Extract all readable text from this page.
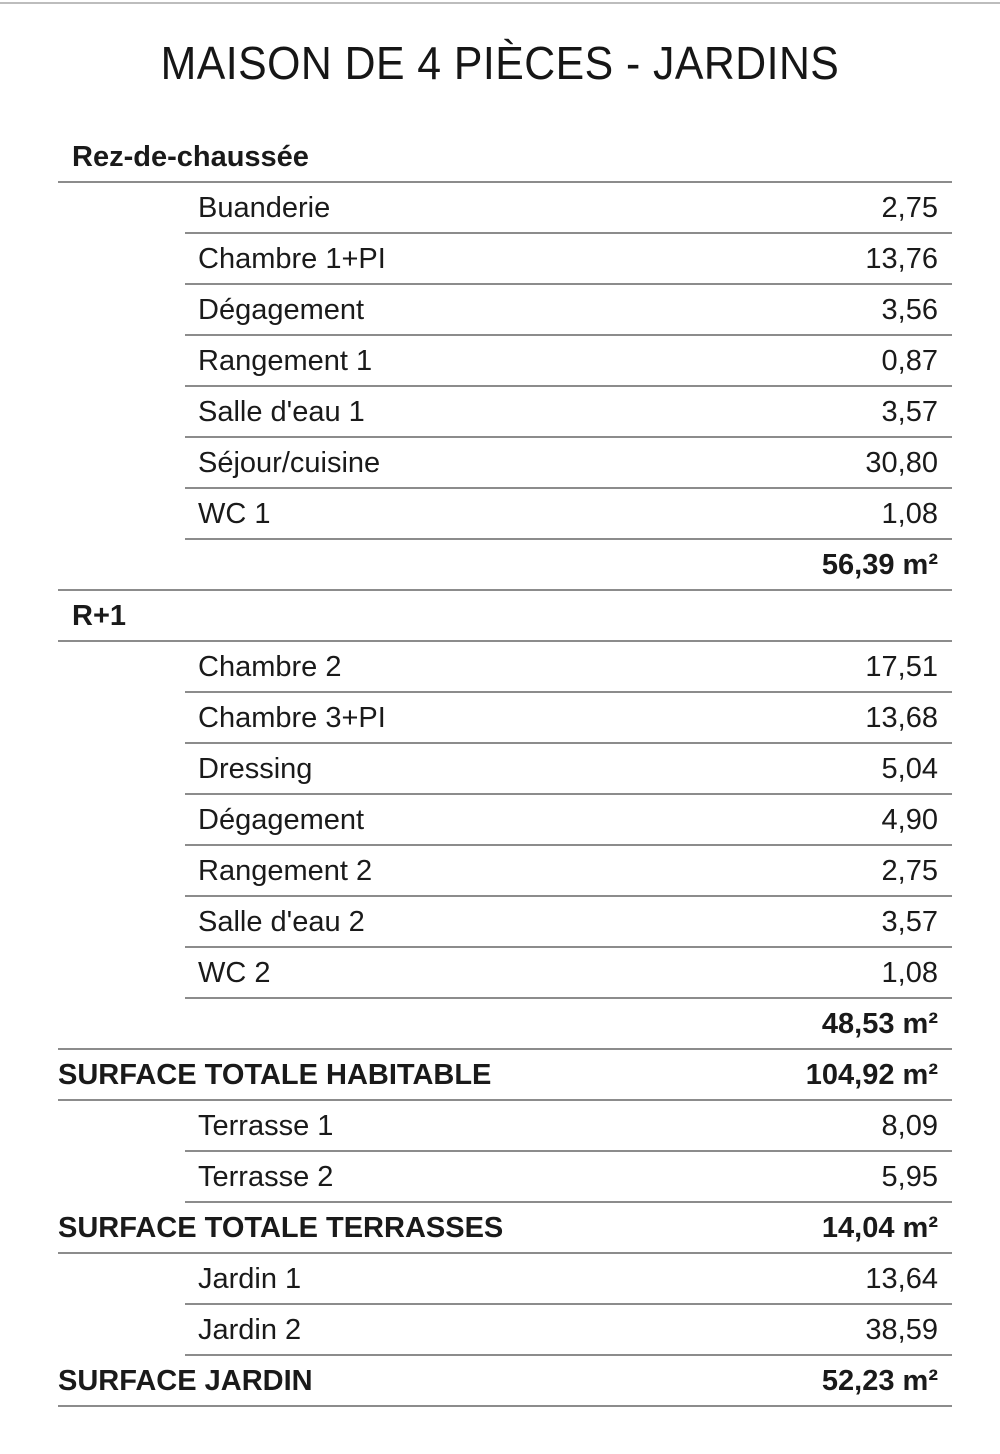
MAISON DE 4 PIÈCES - JARDINS
Rez-de-chaussée
Buanderie	2,75
Chambre 1+PI	13,76
Dégagement	3,56
Rangement 1	0,87
Salle d'eau 1	3,57
Séjour/cuisine	30,80
WC 1	1,08
56,39 m²
R+1
Chambre 2	17,51
Chambre 3+PI	13,68
Dressing	5,04
Dégagement	4,90
Rangement 2	2,75
Salle d'eau 2	3,57
WC 2	1,08
48,53 m²
SURFACE TOTALE HABITABLE	104,92 m²
Terrasse 1	8,09
Terrasse 2	5,95
SURFACE TOTALE TERRASSES	14,04 m²
Jardin 1	13,64
Jardin 2	38,59
SURFACE JARDIN	52,23 m²
